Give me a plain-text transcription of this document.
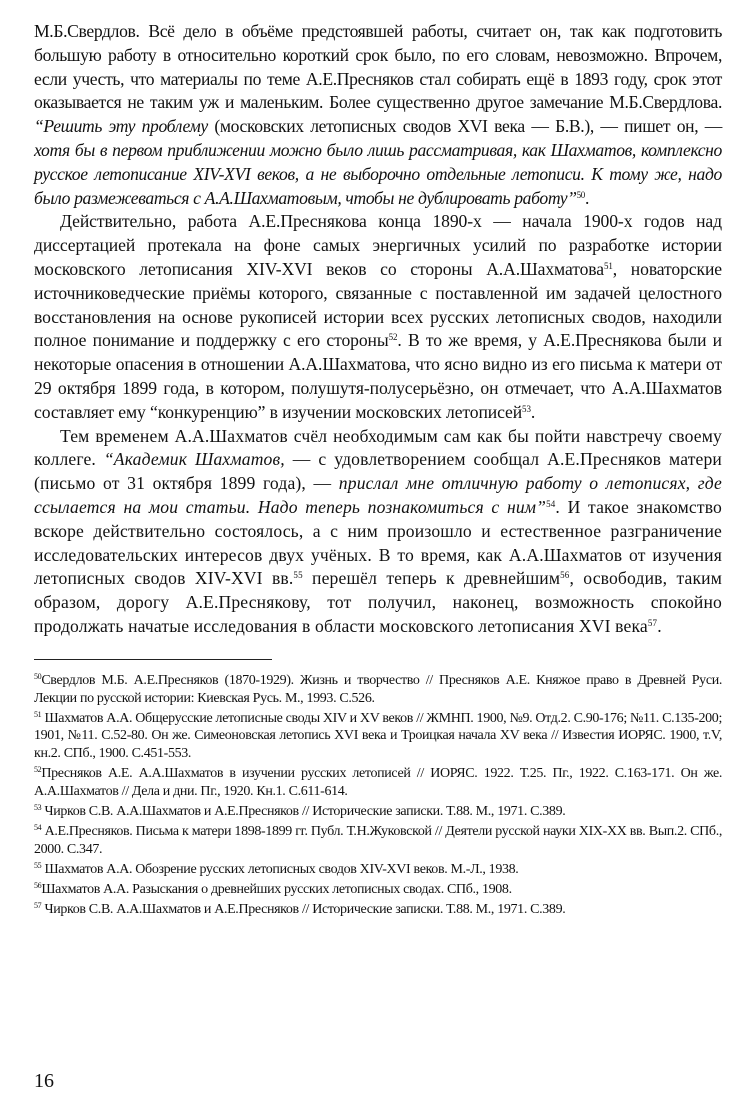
М.Б.Свердлов. Всё дело в объёме предстоявшей работы, считает он, так как подготовить большую работу в относительно короткий срок было, по его словам, невозможно. Впрочем, если учесть, что материалы по теме А.Е.Пресняков стал собирать ещё в 1893 году, срок этот оказывается не таким уж и маленьким. Более существенно другое замечание М.Б.Свердлова. “Решить эту проблему (московских летописных сводов XVI века — Б.В.), — пишет он, — хотя бы в первом приближении можно было лишь рассматривая, как Шахматов, комплексно русское летописание XIV-XVI веков, а не выборочно отдельные летописи. К тому же, надо было размежеваться с А.А.Шахматовым, чтобы не дублировать работу”$^{50}$.

Действительно, работа А.Е.Преснякова конца 1890-х — начала 1900-х годов над диссертацией протекала на фоне самых энергичных усилий по разработке истории московского летописания XIV-XVI веков со стороны А.А.Шахматова$^{51}$, новаторские источниковедческие приёмы которого, связанные с поставленной им задачей целостного восстановления на основе рукописей истории всех русских летописных сводов, находили полное понимание и поддержку с его стороны$^{52}$. В то же время, у А.Е.Преснякова были и некоторые опасения в отношении А.А.Шахматова, что ясно видно из его письма к матери от 29 октября 1899 года, в котором, полушутя-полусерьёзно, он отмечает, что А.А.Шахматов составляет ему “конкуренцию” в изучении московских летописей$^{53}$.

Тем временем А.А.Шахматов счёл необходимым сам как бы пойти навстречу своему коллеге. “Академик Шахматов, — с удовлетворением сообщал А.Е.Пресняков матери (письмо от 31 октября 1899 года), — прислал мне отличную работу о летописях, где ссылается на мои статьи. Надо теперь познакомиться с ним”$^{54}$. И такое знакомство вскоре действительно состоялось, а с ним произошло и естественное разграничение исследовательских интересов двух учёных. В то время, как А.А.Шахматов от изучения летописных сводов XIV-XVI вв.$^{55}$ перешёл теперь к древнейшим$^{56}$, освободив, таким образом, дорогу А.Е.Преснякову, тот получил, наконец, возможность спокойно продолжать начатые исследования в области московского летописания XVI века$^{57}$.

$^{50}$Свердлов М.Б. А.Е.Пресняков (1870-1929). Жизнь и творчество // Пресняков А.Е. Княжое право в Древней Руси. Лекции по русской истории: Киевская Русь. М., 1993. С.526.

$^{51}$ Шахматов А.А. Общерусские летописные своды XIV и XV веков // ЖМНП. 1900, №9. Отд.2. С.90-176; №11. С.135-200; 1901, №11. С.52-80. Он же. Симеоновская летопись XVI века и Троицкая начала XV века // Известия ИОРЯС. 1900, т.V, кн.2. СПб., 1900. С.451-553.

$^{52}$Пресняков А.Е. А.А.Шахматов в изучении русских летописей // ИОРЯС. 1922. Т.25. Пг., 1922. С.163-171. Он же. А.А.Шахматов // Дела и дни. Пг., 1920. Кн.1. С.611-614.

$^{53}$ Чирков С.В. А.А.Шахматов и А.Е.Пресняков // Исторические записки. Т.88. М., 1971. С.389.

$^{54}$ А.Е.Пресняков. Письма к матери 1898-1899 гг. Публ. Т.Н.Жуковской // Деятели русской науки XIX-XX вв. Вып.2. СПб., 2000. С.347.

$^{55}$ Шахматов А.А. Обозрение русских летописных сводов XIV-XVI веков. М.-Л., 1938.

$^{56}$Шахматов А.А. Разыскания о древнейших русских летописных сводах. СПб., 1908.

$^{57}$ Чирков С.В. А.А.Шахматов и А.Е.Пресняков // Исторические записки. Т.88. М., 1971. С.389.

16
